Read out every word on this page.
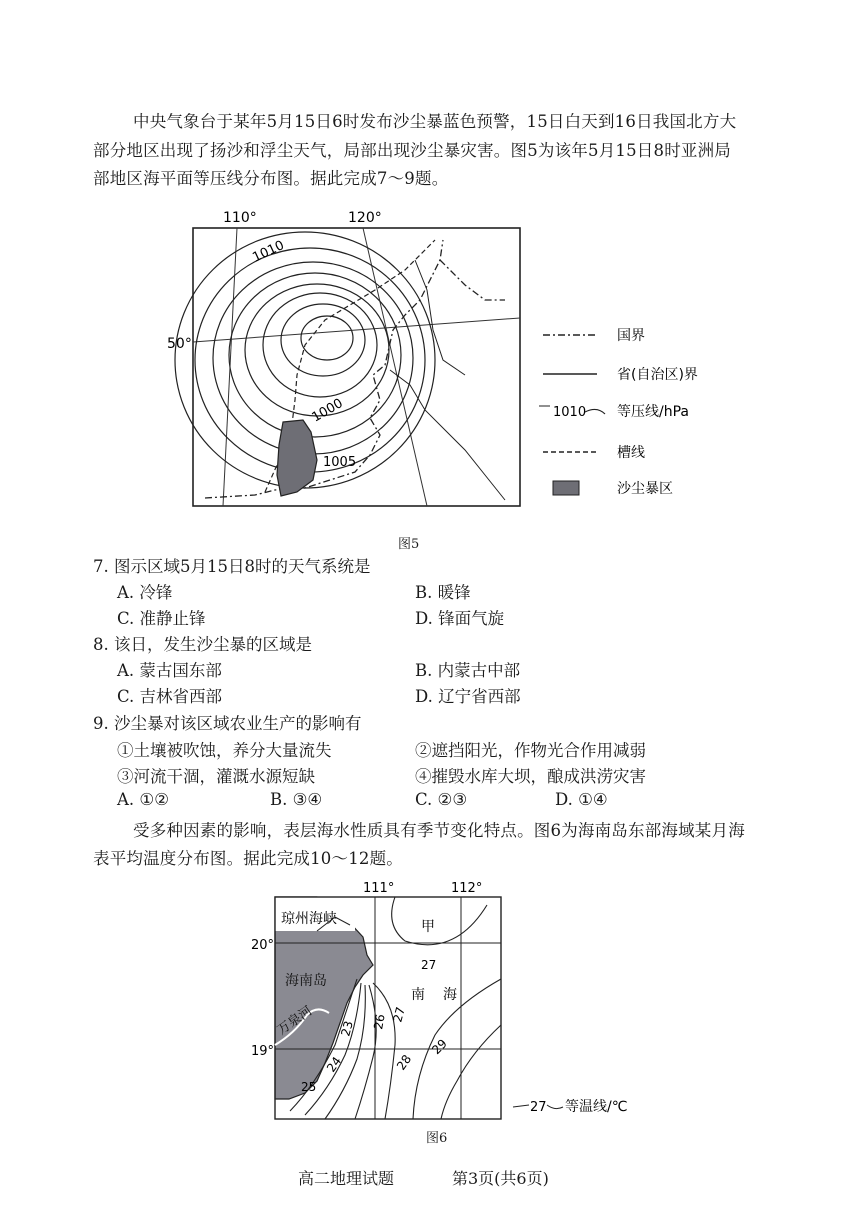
中央气象台于某年5月15日6时发布沙尘暴蓝色预警，15日白天到16日我国北方大
部分地区出现了扬沙和浮尘天气，局部出现沙尘暴灾害。图5为该年5月15日8时亚洲局
部地区海平面等压线分布图。据此完成7～9题。
110°	120°
50°
1010
1000
1005
国界
省(自治区)界
1010 等压线/hPa
槽线
沙尘暴区
图5
7. 图示区域5月15日8时的天气系统是
A. 冷锋	B. 暖锋
C. 准静止锋	D. 锋面气旋
8. 该日，发生沙尘暴的区域是
A. 蒙古国东部	B. 内蒙古中部
C. 吉林省西部	D. 辽宁省西部
9. 沙尘暴对该区域农业生产的影响有
①土壤被吹蚀，养分大量流失	②遮挡阳光，作物光合作用减弱
③河流干涸，灌溉水源短缺	④摧毁水库大坝，酿成洪涝灾害
A. ①②	B. ③④	C. ②③	D. ①④
受多种因素的影响，表层海水性质具有季节变化特点。图6为海南岛东部海域某月海
表平均温度分布图。据此完成10～12题。
111°	112°
20°
19°
琼州海峡
海南岛
万泉河
甲
27
南 海
23 26 27
24
25
28
29
27 等温线/℃
图6
高二地理试题	第3页(共6页)
